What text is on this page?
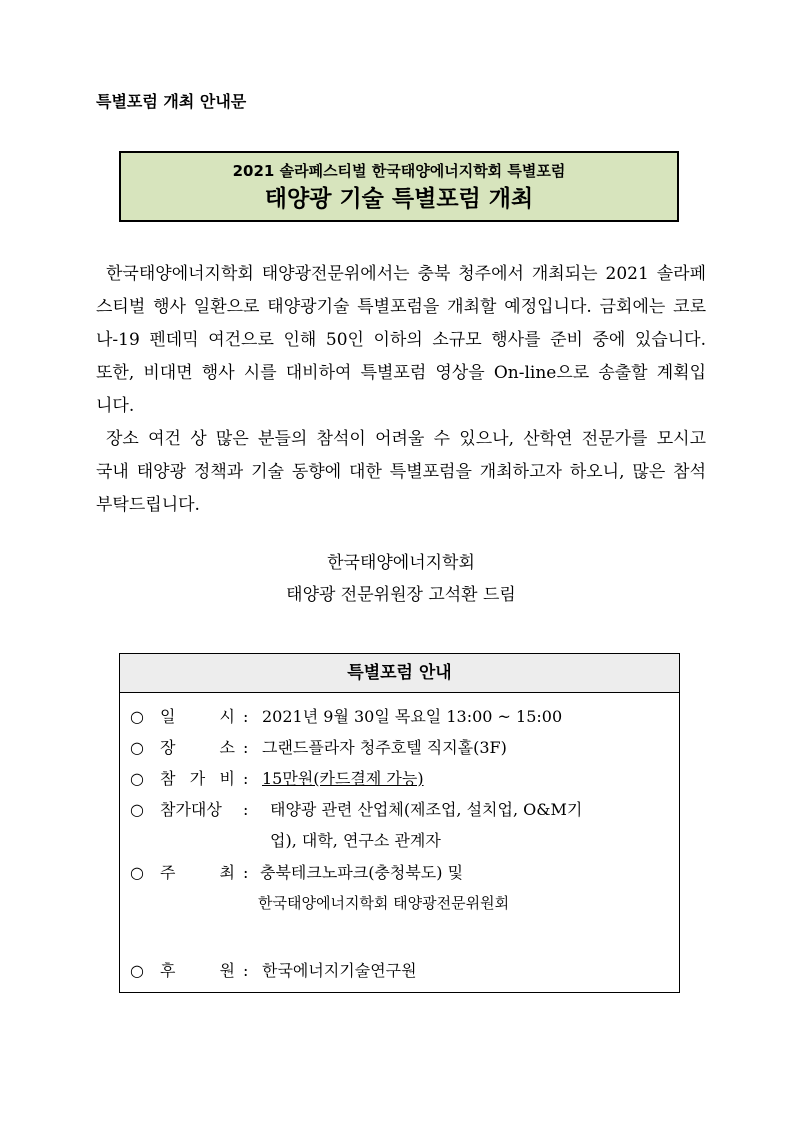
특별포럼 개최 안내문
2021 솔라페스티벌 한국태양에너지학회 특별포럼
태양광 기술 특별포럼 개최

한국태양에너지학회 태양광전문위에서는 충북 청주에서 개최되는 2021 솔라페스티벌 행사 일환으로 태양광기술 특별포럼을 개최할 예정입니다. 금회에는 코로나-19 펜데믹 여건으로 인해 50인 이하의 소규모 행사를 준비 중에 있습니다. 또한, 비대면 행사 시를 대비하여 특별포럼 영상을 On-line으로 송출할 계획입니다.

장소 여건 상 많은 분들의 참석이 어려울 수 있으나, 산학연 전문가를 모시고 국내 태양광 정책과 기술 동향에 대한 특별포럼을 개최하고자 하오니, 많은 참석 부탁드립니다.

한국태양에너지학회
태양광 전문위원장 고석환 드림
특별포럼 안내
○ 일	시 : 2021년 9월 30일 목요일 13:00 ~ 15:00
○ 장	소 : 그랜드플라자 청주호텔 직지홀(3F)
○ 참 가 비 : 15만원(카드결제 가능)
○ 참가대상 : 태양광 관련 산업체(제조업, 설치업, O&M기
업), 대학, 연구소 관계자
○ 주	최 : 충북테크노파크(충청북도) 및
한국태양에너지학회 태양광전문위원회
○ 후	원 : 한국에너지기술연구원
